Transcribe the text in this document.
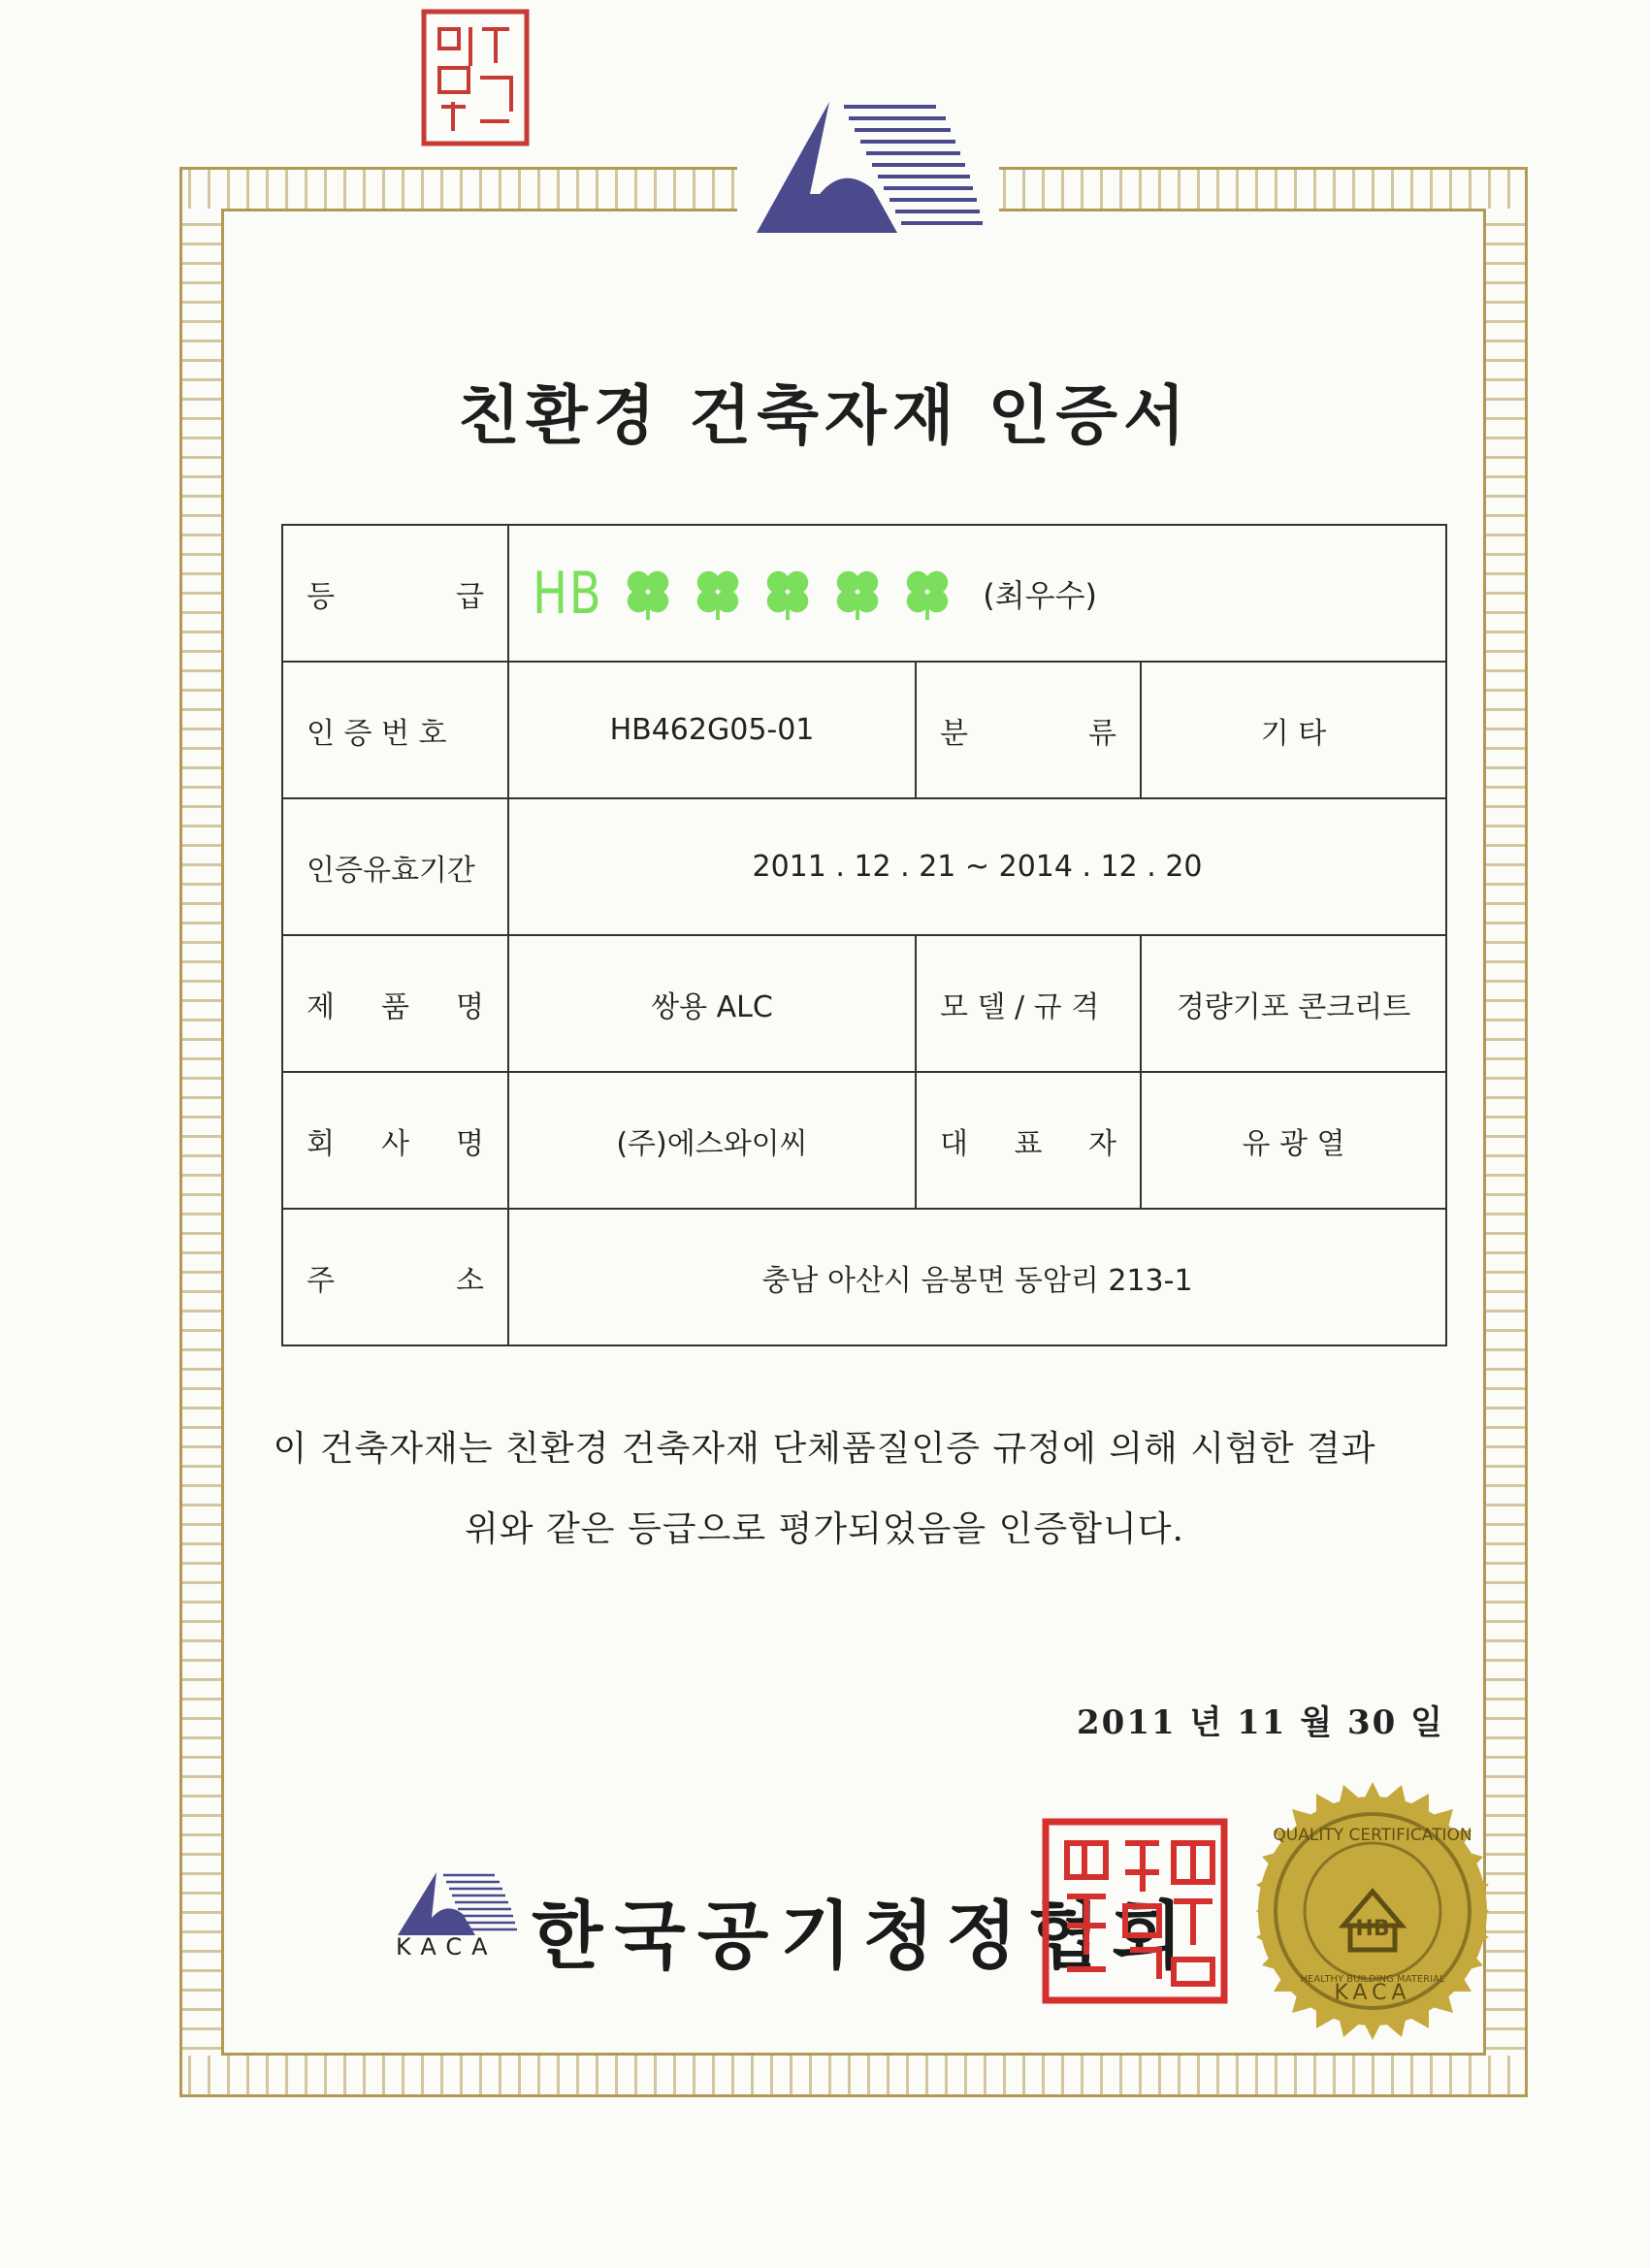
친환경 건축자재 인증서
등 급	HB (최우수)		

인 증 번 호	HB462G05-01	분 류	기 타
인증유효기간	2011 . 12 . 21 ~ 2014 . 12 . 20		

제 품 명	쌍용 ALC	모 델 / 규 격	경량기포 콘크리트

회 사 명	(주)에스와이씨	대 표 자	유 광 열

주 소	충남 아산시 음봉면 동암리 213-1		
이 건축자재는 친환경 건축자재 단체품질인증 규정에 의해 시험한 결과
위와 같은 등급으로 평가되었음을 인증합니다.
2011 년 11 월 30 일
KACA 한국공기청정협회	HB
QUALITY CERTIFICATION
HEALTHY BUILDING MATERIAL
KACA
